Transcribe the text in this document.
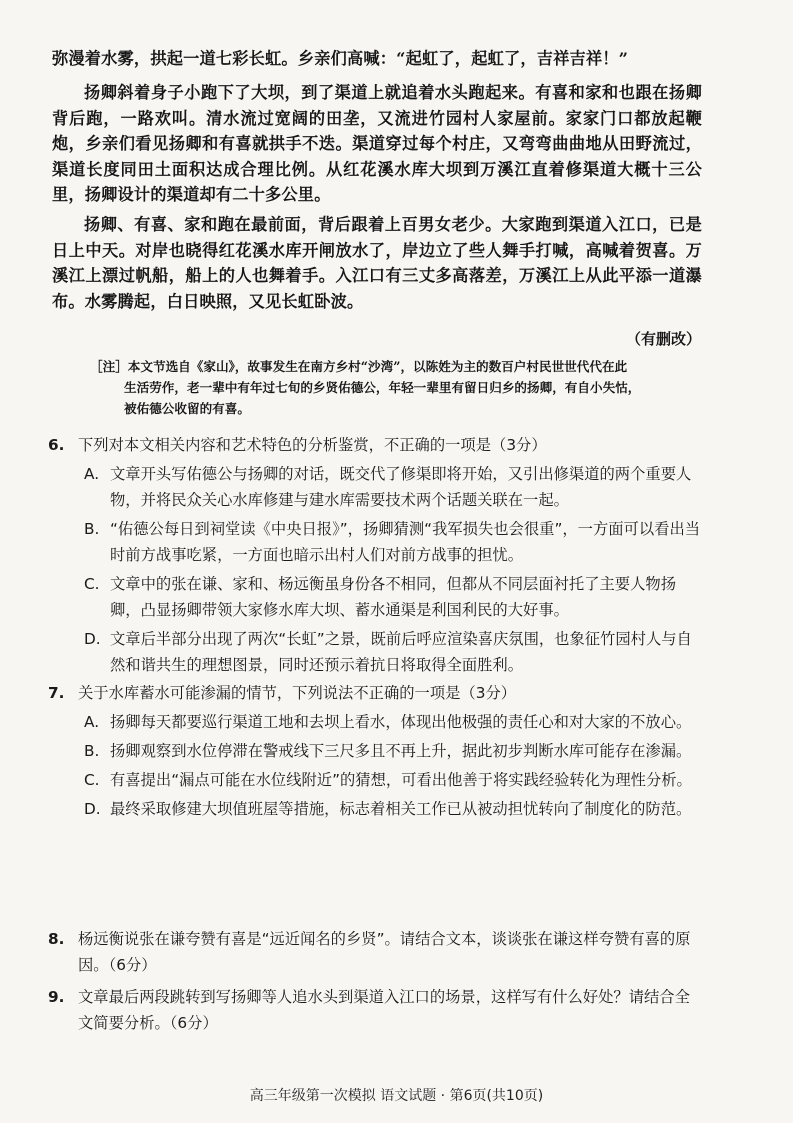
弥漫着水雾，拱起一道七彩长虹。乡亲们高喊：“起虹了，起虹了，吉祥吉祥！”
扬卿斜着身子小跑下了大坝，到了渠道上就追着水头跑起来。有喜和家和也跟在扬卿背后跑，一路欢叫。清水流过宽阔的田垄，又流进竹园村人家屋前。家家门口都放起鞭炮，乡亲们看见扬卿和有喜就拱手不迭。渠道穿过每个村庄，又弯弯曲曲地从田野流过，渠道长度同田土面积达成合理比例。从红花溪水库大坝到万溪江直着修渠道大概十三公里，扬卿设计的渠道却有二十多公里。
扬卿、有喜、家和跑在最前面，背后跟着上百男女老少。大家跑到渠道入江口，已是日上中天。对岸也晓得红花溪水库开闸放水了，岸边立了些人舞手打喊，高喊着贺喜。万溪江上漂过帆船，船上的人也舞着手。入江口有三丈多高落差，万溪江上从此平添一道瀑布。水雾腾起，白日映照，又见长虹卧波。
（有删改）
［注］本文节选自《家山》，故事发生在南方乡村“沙湾”，以陈姓为主的数百户村民世世代代在此

生活劳作，老一辈中有年过七旬的乡贤佑德公，年轻一辈里有留日归乡的扬卿，有自小失怙，
被佑德公收留的有喜。
6. 下列对本文相关内容和艺术特色的分析鉴赏，不正确的一项是（3分）
A. 文章开头写佑德公与扬卿的对话，既交代了修渠即将开始，又引出修渠道的两个重要人物，并将民众关心水库修建与建水库需要技术两个话题关联在一起。
B. “佑德公每日到祠堂读《中央日报》”，扬卿猜测“我军损失也会很重”，一方面可以看出当时前方战事吃紧，一方面也暗示出村人们对前方战事的担忧。
C. 文章中的张在谦、家和、杨远衡虽身份各不相同，但都从不同层面衬托了主要人物扬卿，凸显扬卿带领大家修水库大坝、蓄水通渠是利国利民的大好事。
D. 文章后半部分出现了两次“长虹”之景，既前后呼应渲染喜庆氛围，也象征竹园村人与自然和谐共生的理想图景，同时还预示着抗日将取得全面胜利。
7. 关于水库蓄水可能渗漏的情节，下列说法不正确的一项是（3分）
A. 扬卿每天都要巡行渠道工地和去坝上看水，体现出他极强的责任心和对大家的不放心。
B. 扬卿观察到水位停滞在警戒线下三尺多且不再上升，据此初步判断水库可能存在渗漏。
C. 有喜提出“漏点可能在水位线附近”的猜想，可看出他善于将实践经验转化为理性分析。
D. 最终采取修建大坝值班屋等措施，标志着相关工作已从被动担忧转向了制度化的防范。
8. 杨远衡说张在谦夸赞有喜是“远近闻名的乡贤”。请结合文本，谈谈张在谦这样夸赞有喜的原因。（6分）
9. 文章最后两段跳转到写扬卿等人追水头到渠道入江口的场景，这样写有什么好处？请结合全文简要分析。（6分）
高三年级第一次模拟 语文试题 · 第6页(共10页)
